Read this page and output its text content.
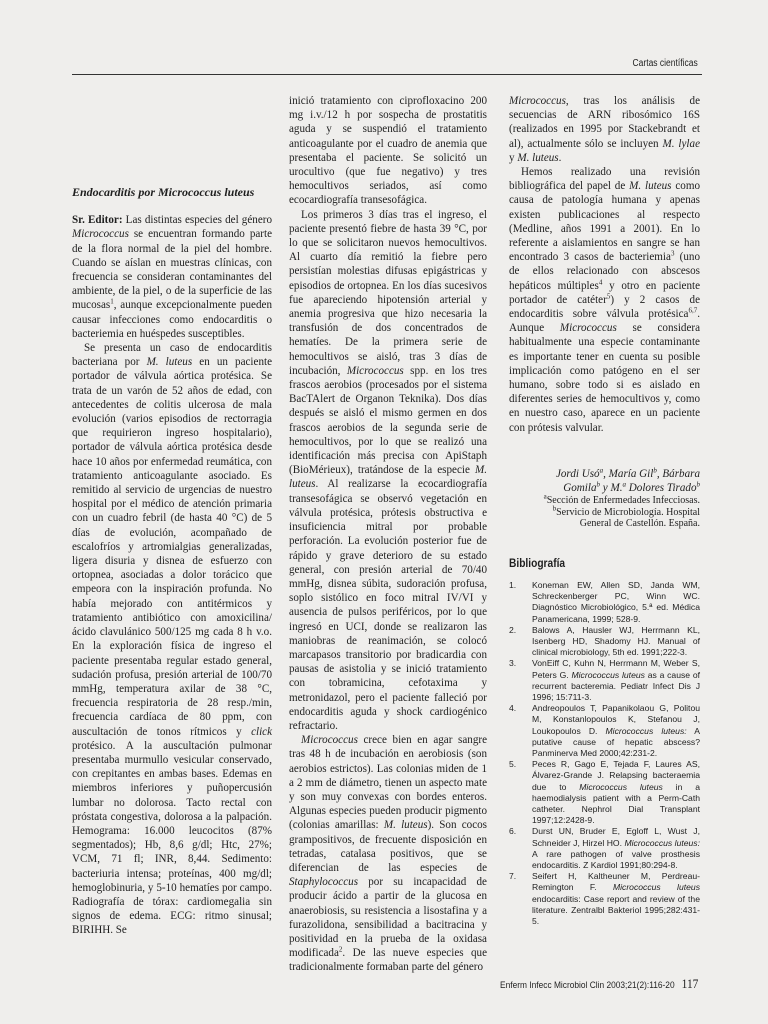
Cartas científicas
Endocarditis por Micrococcus luteus

Sr. Editor: Las distintas especies del género Micrococcus se encuentran formando parte de la flora normal de la piel del hombre. Cuando se aíslan en muestras clínicas, con frecuencia se consideran contaminantes del ambiente, de la piel, o de la superficie de las mucosas$^1$, aunque excepcionalmente pueden causar infecciones como endocarditis o bacteriemia en huéspedes susceptibles.

Se presenta un caso de endocarditis bacteriana por M. luteus en un paciente portador de válvula aórtica protésica. Se trata de un varón de 52 años de edad, con antecedentes de colitis ulcerosa de mala evolución (varios episodios de rectorragia que requirieron ingreso hospitalario), portador de válvula aórtica protésica desde hace 10 años por enfermedad reumática, con tratamiento anticoagulante asociado. Es remitido al servicio de urgencias de nuestro hospital por el médico de atención primaria con un cuadro febril (de hasta 40 °C) de 5 días de evolución, acompañado de escalofríos y artromialgias generalizadas, ligera disuria y disnea de esfuerzo con ortopnea, asociadas a dolor torácico que empeora con la inspiración profunda. No había mejorado con antitérmicos y tratamiento antibiótico con amoxicilina/ácido clavulánico 500/125 mg cada 8 h v.o. En la exploración física de ingreso el paciente presentaba regular estado general, sudación profusa, presión arterial de 100/70 mmHg, temperatura axilar de 38 °C, frecuencia respiratoria de 28 resp./min, frecuencia cardíaca de 80 ppm, con auscultación de tonos rítmicos y click protésico. A la auscultación pulmonar presentaba murmullo vesicular conservado, con crepitantes en ambas bases. Edemas en miembros inferiores y puñopercusión lumbar no dolorosa. Tacto rectal con próstata congestiva, dolorosa a la palpación. Hemograma: 16.000 leucocitos (87% segmentados); Hb, 8,6 g/dl; Htc, 27%; VCM, 71 fl; INR, 8,44. Sedimento: bacteriuria intensa; proteínas, 400 mg/dl; hemoglobinuria, y 5-10 hematíes por campo. Radiografía de tórax: cardiomegalia sin signos de edema. ECG: ritmo sinusal; BIRIHH. Se

inició tratamiento con ciprofloxacino 200 mg i.v./12 h por sospecha de prostatitis aguda y se suspendió el tratamiento anticoagulante por el cuadro de anemia que presentaba el paciente. Se solicitó un urocultivo (que fue negativo) y tres hemocultivos seriados, así como ecocardiografía transesofágica.

Los primeros 3 días tras el ingreso, el paciente presentó fiebre de hasta 39 °C, por lo que se solicitaron nuevos hemocultivos. Al cuarto día remitió la fiebre pero persistían molestias difusas epigástricas y episodios de ortopnea. En los días sucesivos fue apareciendo hipotensión arterial y anemia progresiva que hizo necesaria la transfusión de dos concentrados de hematíes. De la primera serie de hemocultivos se aisló, tras 3 días de incubación, Micrococcus spp. en los tres frascos aerobios (procesados por el sistema BacTAlert de Organon Teknika). Dos días después se aisló el mismo germen en dos frascos aerobios de la segunda serie de hemocultivos, por lo que se realizó una identificación más precisa con ApiStaph (BioMérieux), tratándose de la especie M. luteus. Al realizarse la ecocardiografía transesofágica se observó vegetación en válvula protésica, prótesis obstructiva e insuficiencia mitral por probable perforación. La evolución posterior fue de rápido y grave deterioro de su estado general, con presión arterial de 70/40 mmHg, disnea súbita, sudoración profusa, soplo sistólico en foco mitral IV/VI y ausencia de pulsos periféricos, por lo que ingresó en UCI, donde se realizaron las maniobras de reanimación, se colocó marcapasos transitorio por bradicardia con pausas de asistolia y se inició tratamiento con tobramicina, cefotaxima y metronidazol, pero el paciente falleció por endocarditis aguda y shock cardiogénico refractario.

Micrococcus crece bien en agar sangre tras 48 h de incubación en aerobiosis (son aerobios estrictos). Las colonias miden de 1 a 2 mm de diámetro, tienen un aspecto mate y son muy convexas con bordes enteros. Algunas especies pueden producir pigmento (colonias amarillas: M. luteus). Son cocos grampositivos, de frecuente disposición en tetradas, catalasa positivos, que se diferencian de las especies de Staphylococcus por su incapacidad de producir ácido a partir de la glucosa en anaerobiosis, su resistencia a lisostafina y a furazolidona, sensibilidad a bacitracina y positividad en la prueba de la oxidasa modificada$^2$. De las nueve especies que tradicionalmente formaban parte del género

Micrococcus, tras los análisis de secuencias de ARN ribosómico 16S (realizados en 1995 por Stackebrandt et al), actualmente sólo se incluyen M. lylae y M. luteus.

Hemos realizado una revisión bibliográfica del papel de M. luteus como causa de patología humana y apenas existen publicaciones al respecto (Medline, años 1991 a 2001). En lo referente a aislamientos en sangre se han encontrado 3 casos de bacteriemia$^3$ (uno de ellos relacionado con abscesos hepáticos múltiples$^4$ y otro en paciente portador de catéter$^5$) y 2 casos de endocarditis sobre válvula protésica$^{6,7}$. Aunque Micrococcus se considera habitualmente una especie contaminante es importante tener en cuenta su posible implicación como patógeno en el ser humano, sobre todo si es aislado en diferentes series de hemocultivos y, como en nuestro caso, aparece en un paciente con prótesis valvular.

Jordi Usó$^a$, María Gil$^b$, Bárbara
Gomila$^b$ y M.$^a$ Dolores Tirado$^b$
$^a$Sección de Enfermedades Infecciosas.
$^b$Servicio de Microbiología. Hospital
General de Castellón. España.
Bibliografía
1. Koneman EW, Allen SD, Janda WM, Schreckenberger PC, Winn WC. Diagnóstico Microbiológico, 5.ª ed. Médica Panamericana, 1999; 528-9.
2. Balows A, Hausler WJ, Herrmann KL, Isenberg HD, Shadomy HJ. Manual of clinical microbiology, 5th ed. 1991;222-3.
3. VonEiff C, Kuhn N, Herrmann M, Weber S, Peters G. Micrococcus luteus as a cause of recurrent bacteremia. Pediatr Infect Dis J 1996; 15:711-3.
4. Andreopoulos T, Papanikolaou G, Politou M, Konstanlopoulos K, Stefanou J, Loukopoulos D. Micrococcus luteus: A putative cause of hepatic abscess? Panminerva Med 2000;42:231-2.
5. Peces R, Gago E, Tejada F, Laures AS, Álvarez-Grande J. Relapsing bacteraemia due to Micrococcus luteus in a haemodialysis patient with a Perm-Cath catheter. Nephrol Dial Transplant 1997;12:2428-9.
6. Durst UN, Bruder E, Egloff L, Wust J, Schneider J, Hirzel HO. Micrococcus luteus: A rare pathogen of valve prosthesis endocarditis. Z Kardiol 1991;80:294-8.
7. Seifert H, Kaltheuner M, Perdreau-Remington F. Micrococcus luteus endocarditis: Case report and review of the literature. Zentralbl Bakteriol 1995;282:431-5.
Enferm Infecc Microbiol Clin 2003;21(2):116-20 117
